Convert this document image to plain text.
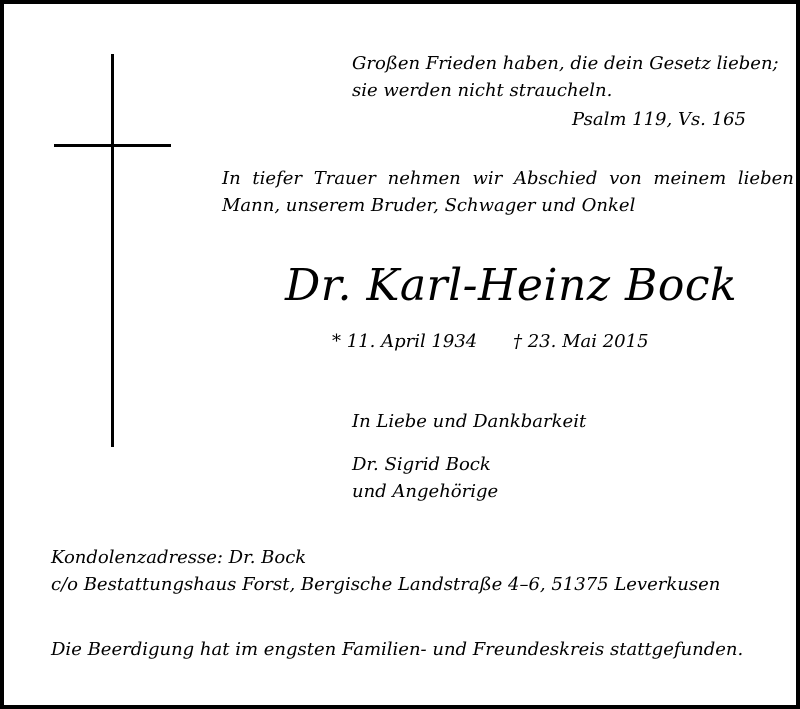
Großen Frieden haben, die dein Gesetz lieben;
sie werden nicht straucheln.
Psalm 119, Vs. 165
In tiefer Trauer nehmen wir Abschied von meinem lieben
Mann, unserem Bruder, Schwager und Onkel
Dr. Karl-Heinz Bock
* 11. April 1934 † 23. Mai 2015
In Liebe und Dankbarkeit
Dr. Sigrid Bock
und Angehörige
Kondolenzadresse: Dr. Bock
c/o Bestattungshaus Forst, Bergische Landstraße 4–6, 51375 Leverkusen
Die Beerdigung hat im engsten Familien- und Freundeskreis stattgefunden.
